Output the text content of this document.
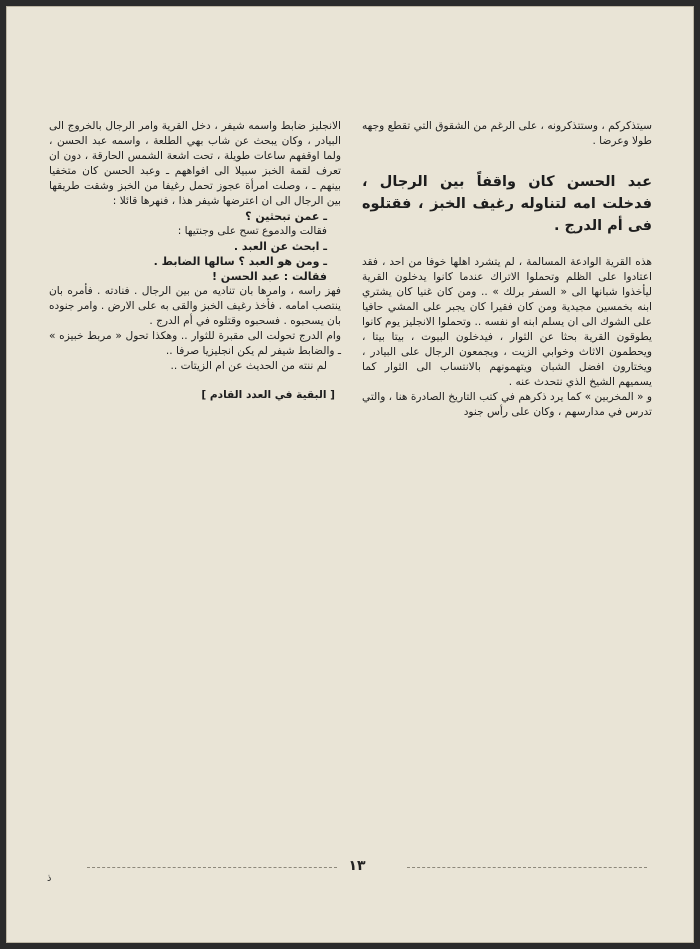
سيتذكركم ، وستتذكرونه ، على الرغم من الشقوق التي تقطع وجهه طولا وعرضا .

عبد الحسن كان واقفاً بين الرجال ، فدخلت امه لتناوله رغيف الخبز ، فقتلوه فى أم الدرج .

هذه القرية الوادعة المسالمة ، لم يتشرد اهلها خوفا من احد ، فقد اعتادوا على الظلم وتحملوا الاتراك عندما كانوا يدخلون القرية ليأخذوا شبانها الى « السفر برلك » .. ومن كان غنيا كان يشتري ابنه بخمسين مجيدية ومن كان فقيرا كان يجبر على المشي حافيا على الشوك الى ان يسلم ابنه او نفسه .. وتحملوا الانجليز يوم كانوا يطوقون القرية بحثا عن الثوار ، فيدخلون البيوت ، بيتا بيتا ، ويحطمون الاثاث وخوابي الزيت ، ويجمعون الرجال على البيادر ، ويختارون افضل الشبان ويتهمونهم بالانتساب الى الثوار كما يسميهم الشيخ الذي نتحدث عنه .

و « المخربين » كما يرد ذكرهم في كتب التاريخ الصادرة هنا ، والتي تدرس في مدارسهم ، وكان على رأس جنود

الانجليز ضابط واسمه شيفر ، دخل القرية وامر الرجال بالخروج الى البيادر ، وكان يبحث عن شاب بهي الطلعة ، واسمه عبد الحسن ، ولما اوقفهم ساعات طويلة ، تحت اشعة الشمس الحارقة ، دون ان تعرف لقمة الخبز سبيلا الى افواههم ـ وعبد الحسن كان متخفيا بينهم ـ ، وصلت امرأة عجوز تحمل رغيفا من الخبز وشقت طريقها بين الرجال الى ان اعترضها شيفر هذا ، فنهرها قائلا :

ـ عمن تبحثين ؟

فقالت والدموع تسح على وجنتيها :

ـ ابحث عن العبد .

ـ ومن هو العبد ؟ سالها الضابط .

فقالت : عبد الحسن !

فهز راسه ، وامرها بان تناديه من بين الرجال . فنادته . فأمره بان ينتصب امامه . فأخذ رغيف الخبز والقى به على الارض . وامر جنوده بان يسحبوه . فسحبوه وقتلوه في أم الدرج .

وام الدرج تحولت الى مقبرة للثوار .. وهكذا تحول « مربط خبيزه » ـ والضابط شيفر لم يكن انجليزيا صرفا ..

لم ننته من الحديث عن ام الزيتات ..

[ البقية في العدد القادم ]

١٣
ذ
